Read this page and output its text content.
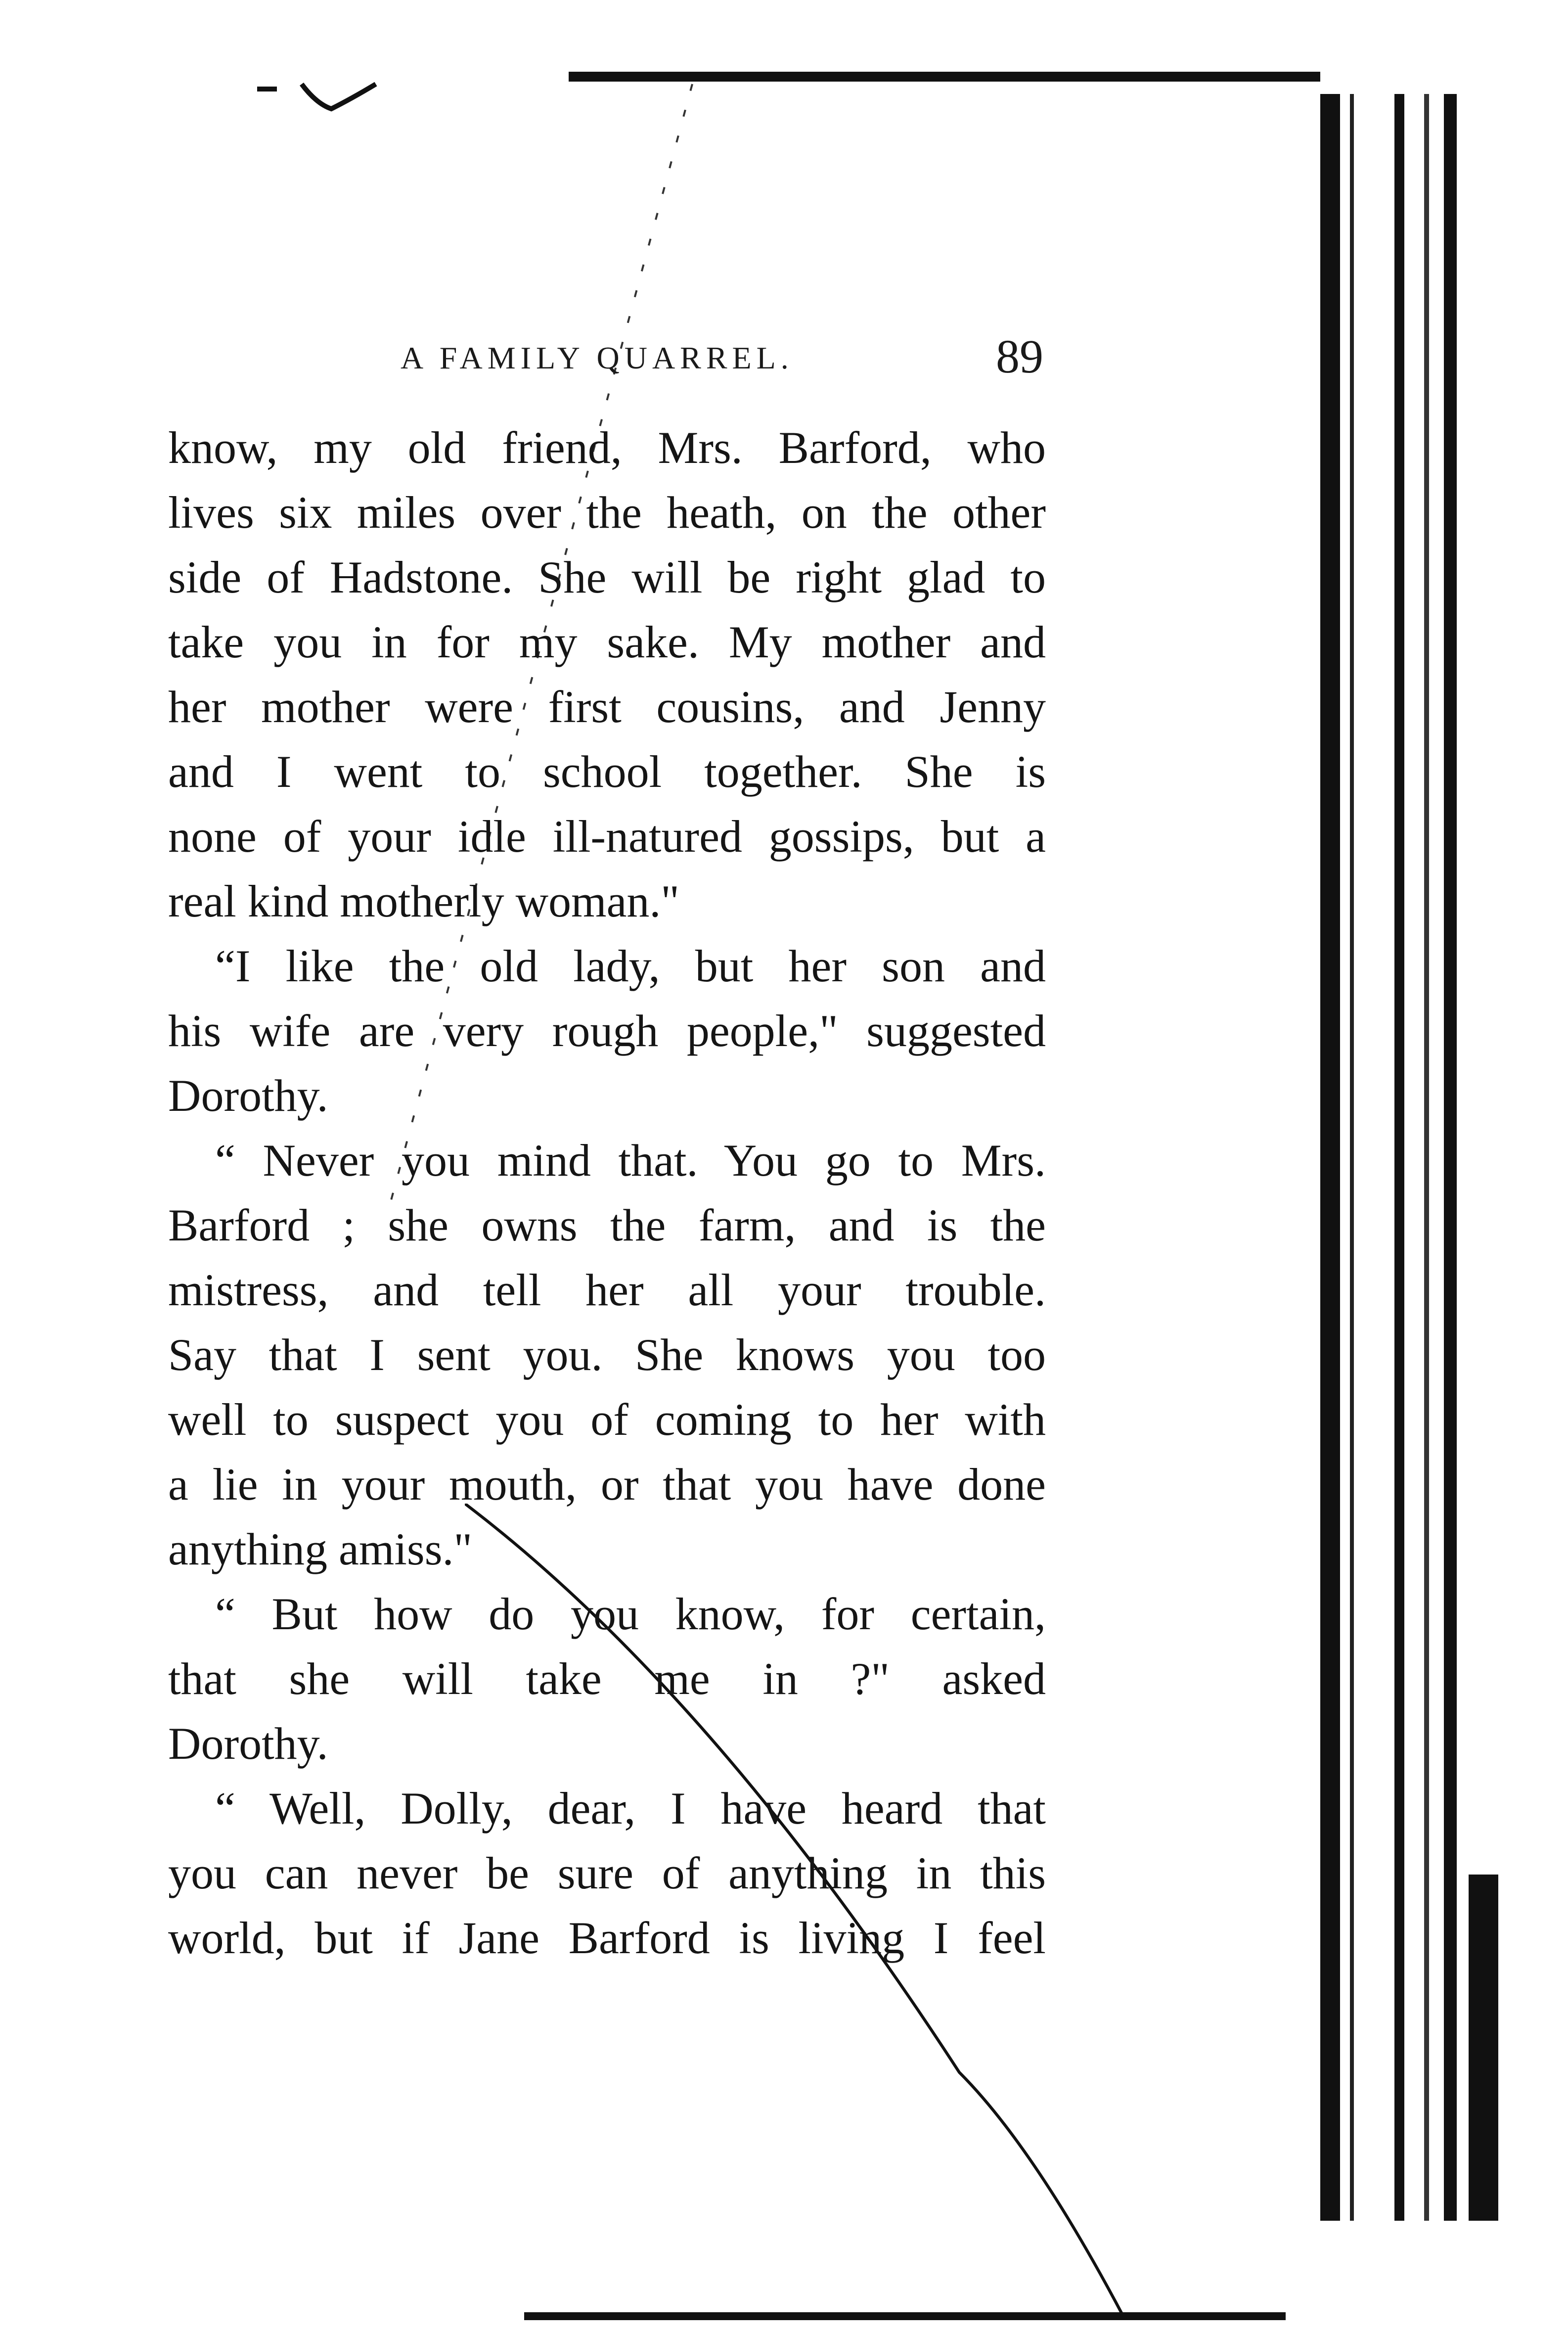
A FAMILY QUARREL.	89
know, my old friend, Mrs. Barford, who
lives six miles over the heath, on the other
side of Hadstone. She will be right glad to
take you in for my sake. My mother and
her mother were first cousins, and Jenny
and I went to school together. She is
none of your idle ill-natured gossips, but a
real kind motherly woman."
“I like the old lady, but her son and
his wife are very rough people," suggested
Dorothy.
“ Never you mind that. You go to Mrs.
Barford ; she owns the farm, and is the
mistress, and tell her all your trouble.
Say that I sent you. She knows you too
well to suspect you of coming to her with
a lie in your mouth, or that you have done
anything amiss."
“ But how do you know, for certain,
that she will take me in ?" asked
Dorothy.
“ Well, Dolly, dear, I have heard that
you can never be sure of anything in this
world, but if Jane Barford is living I feel
